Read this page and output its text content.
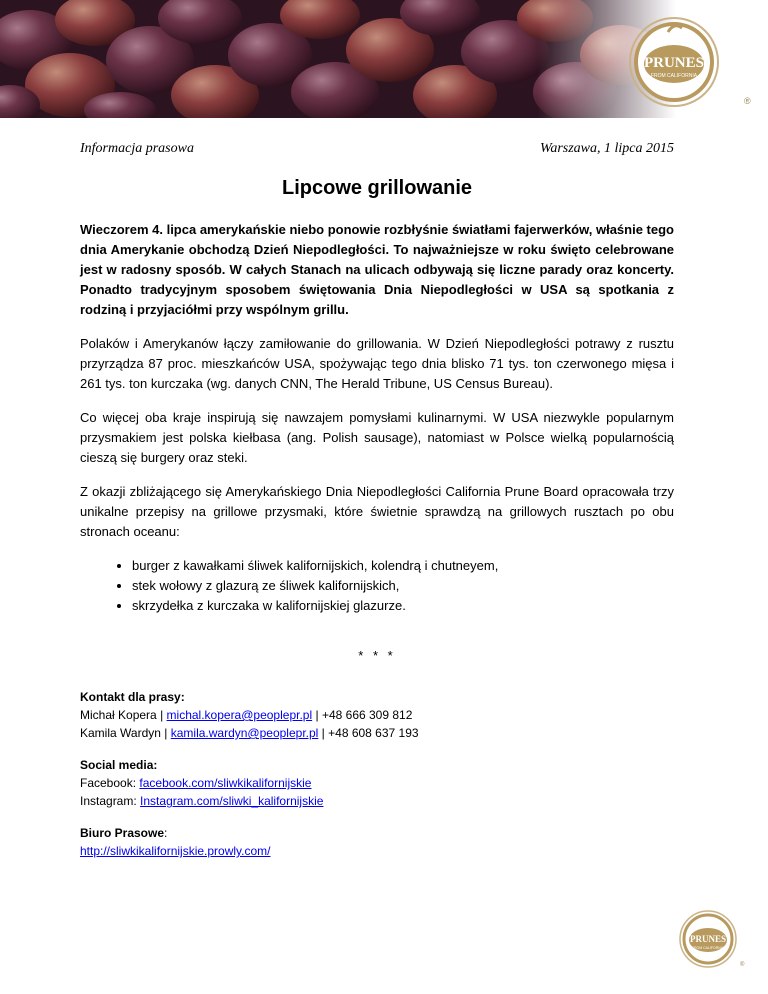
PRUNES
FROM CALIFORNIA
®
Informacja prasowa	Warszawa, 1 lipca 2015
Lipcowe grillowanie

Wieczorem 4. lipca amerykańskie niebo ponowie rozbłyśnie światłami fajerwerków, właśnie tego dnia Amerykanie obchodzą Dzień Niepodległości. To najważniejsze w roku święto celebrowane jest w radosny sposób. W całych Stanach na ulicach odbywają się liczne parady oraz koncerty. Ponadto tradycyjnym sposobem świętowania Dnia Niepodległości w USA są spotkania z rodziną i przyjaciółmi przy wspólnym grillu.

Polaków i Amerykanów łączy zamiłowanie do grillowania. W Dzień Niepodległości potrawy z rusztu przyrządza 87 proc. mieszkańców USA, spożywając tego dnia blisko 71 tys. ton czerwonego mięsa i 261 tys. ton kurczaka (wg. danych CNN, The Herald Tribune, US Census Bureau).

Co więcej oba kraje inspirują się nawzajem pomysłami kulinarnymi. W USA niezwykle popularnym przysmakiem jest polska kiełbasa (ang. Polish sausage), natomiast w Polsce wielką popularnością cieszą się burgery oraz steki.

Z okazji zbliżającego się Amerykańskiego Dnia Niepodległości California Prune Board opracowała trzy unikalne przepisy na grillowe przysmaki, które świetnie sprawdzą na grillowych rusztach po obu stronach oceanu:

• burger z kawałkami śliwek kalifornijskich, kolendrą i chutneyem,
• stek wołowy z glazurą ze śliwek kalifornijskich,
• skrzydełka z kurczaka w kalifornijskiej glazurze.
* * *
Kontakt dla prasy:
Michał Kopera | michal.kopera@peoplepr.pl | +48 666 309 812
Kamila Wardyn | kamila.wardyn@peoplepr.pl | +48 608 637 193
Social media:
Facebook: facebook.com/sliwkikalifornijskie
Instagram: Instagram.com/sliwki_kalifornijskie
Biuro Prasowe:
http://sliwkikalifornijskie.prowly.com/
PRUNES
FROM CALIFORNIA
®
